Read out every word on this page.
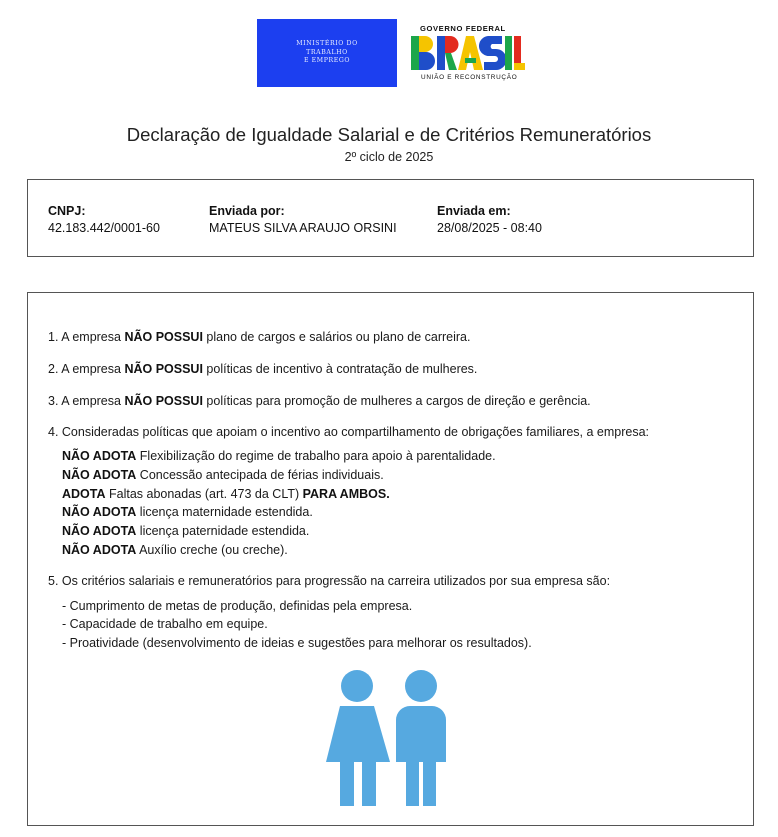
MINISTÉRIO DO
TRABALHO
E EMPREGO
GOVERNO FEDERAL
UNIÃO E RECONSTRUÇÃO
Declaração de Igualdade Salarial e de Critérios Remuneratórios
2º ciclo de 2025
CNPJ:
42.183.442/0001-60
Enviada por:
MATEUS SILVA ARAUJO ORSINI
Enviada em:
28/08/2025 - 08:40
1. A empresa NÃO POSSUI plano de cargos e salários ou plano de carreira.
2. A empresa NÃO POSSUI políticas de incentivo à contratação de mulheres.
3. A empresa NÃO POSSUI políticas para promoção de mulheres a cargos de direção e gerência.
4. Consideradas políticas que apoiam o incentivo ao compartilhamento de obrigações familiares, a empresa:
NÃO ADOTA Flexibilização do regime de trabalho para apoio à parentalidade.
NÃO ADOTA Concessão antecipada de férias individuais.
ADOTA Faltas abonadas (art. 473 da CLT) PARA AMBOS.
NÃO ADOTA licença maternidade estendida.
NÃO ADOTA licença paternidade estendida.
NÃO ADOTA Auxílio creche (ou creche).
5. Os critérios salariais e remuneratórios para progressão na carreira utilizados por sua empresa são:
- Cumprimento de metas de produção, definidas pela empresa.
- Capacidade de trabalho em equipe.
- Proatividade (desenvolvimento de ideias e sugestões para melhorar os resultados).
